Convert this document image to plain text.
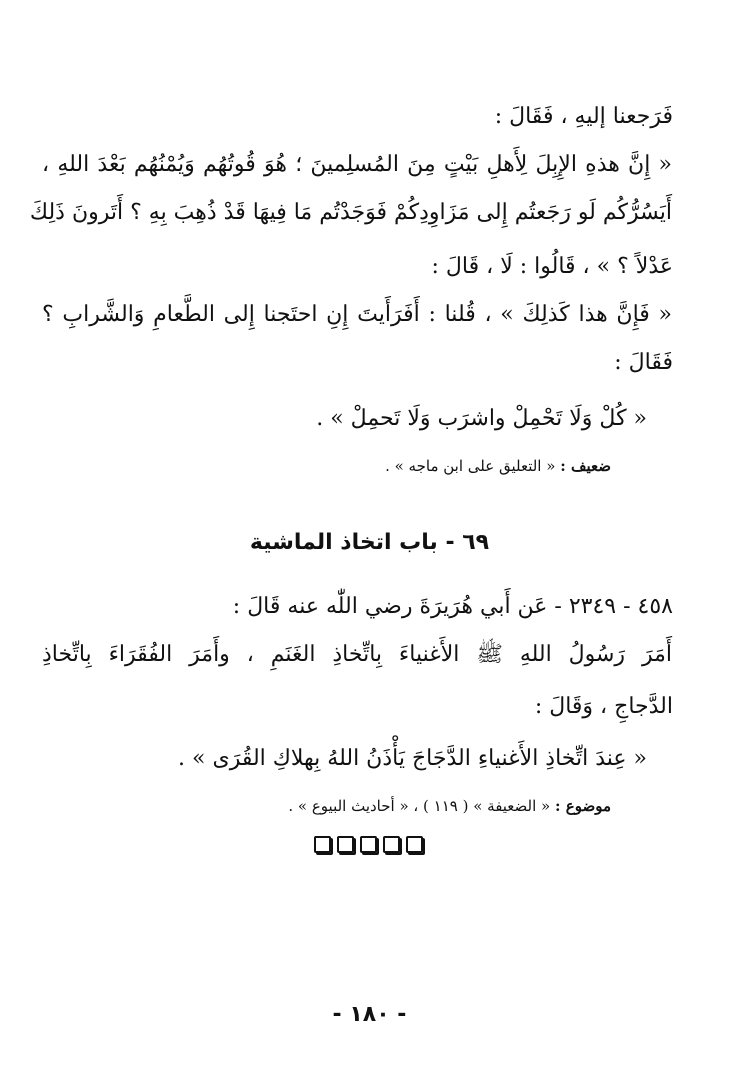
فَرَجعنا إليهِ ، فَقَالَ :
« إِنَّ هذهِ الإِبِلَ لِأَهلِ بَيْتٍ مِنَ المُسلِمينَ ؛ هُوَ قُوتُهُم وَيُمْنُهُم بَعْدَ اللهِ ،
أَيَسُرُّكُم لَو رَجَعتُم إِلى مَزَاوِدِكُمْ فَوَجَدْتُم مَا فِيهَا قَدْ ذُهِبَ بِهِ ؟ أَتَرونَ ذَلِكَ
عَدْلاً ؟ » ، قَالُوا : لَا ، قَالَ :
« فَإِنَّ هذا كَذلِكَ » ، قُلنا : أَفَرَأَيتَ إِنِ احتَجنا إِلى الطَّعامِ وَالشَّرابِ ؟
فَقَالَ :
« كُلْ وَلَا تَحْمِلْ واشرَب وَلَا تَحمِلْ » .
ضعيف : « التعليق على ابن ماجه » .
٦٩ - باب اتخاذ الماشية
٤٥٨ - ٢٣٤٩ - عَن أَبي هُرَيرَةَ رضي اللّٰه عنه قَالَ :
أَمَرَ رَسُولُ اللهِ ﷺ الأَغنياءَ بِاتِّخاذِ الغَنَمِ ، وأَمَرَ الفُقَرَاءَ بِاتِّخاذِ
الدَّجاجِ ، وَقَالَ :
« عِندَ اتِّخاذِ الأَغنياءِ الدَّجَاجَ يَأْذَنُ اللهُ بِهلاكِ القُرَى » .
موضوع : « الضعيفة » ( ١١٩ ) ، « أحاديث البيوع » .
- ١٨٠ -
